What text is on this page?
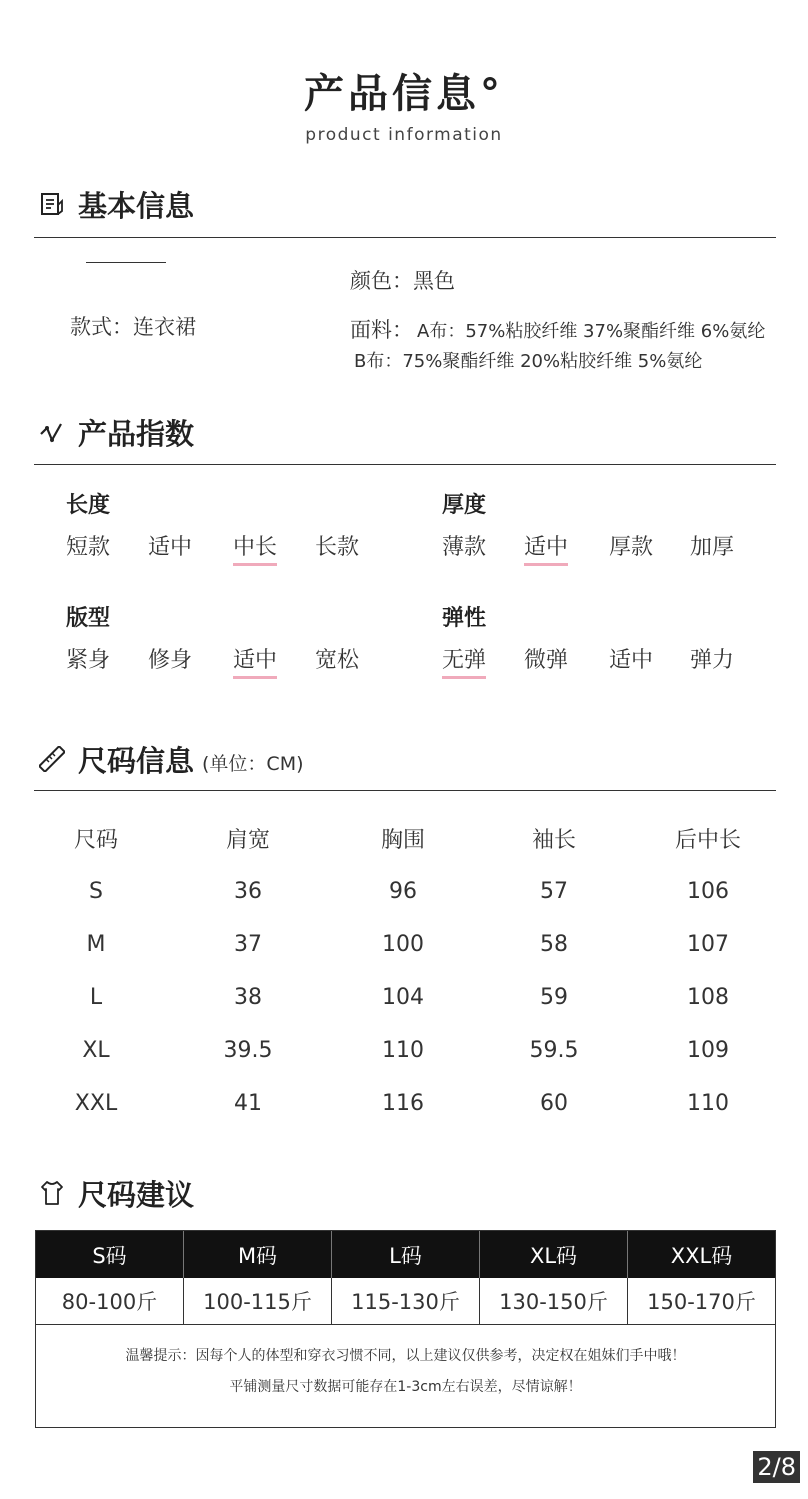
产品信息°
product information
基本信息
款式：连衣裙
颜色：黑色
面料： A布：57%粘胶纤维 37%聚酯纤维 6%氨纶
B布：75%聚酯纤维 20%粘胶纤维 5%氨纶
产品指数
长度
短款 适中 中长 长款
厚度
薄款 适中 厚款 加厚
版型
紧身 修身 适中 宽松
弹性
无弹 微弹 适中 弹力
尺码信息 (单位：CM)
尺码	肩宽	胸围	袖长	后中长
S	36	96	57	106
M	37	100	58	107
L	38	104	59	108
XL	39.5	110	59.5	109
XXL	41	116	60	110
尺码建议
S码	M码	L码	XL码	XXL码
80-100斤	100-115斤	115-130斤	130-150斤	150-170斤
温馨提示：因每个人的体型和穿衣习惯不同，以上建议仅供参考，决定权在姐妹们手中哦！
平铺测量尺寸数据可能存在1-3cm左右误差，尽情谅解！
2/8
